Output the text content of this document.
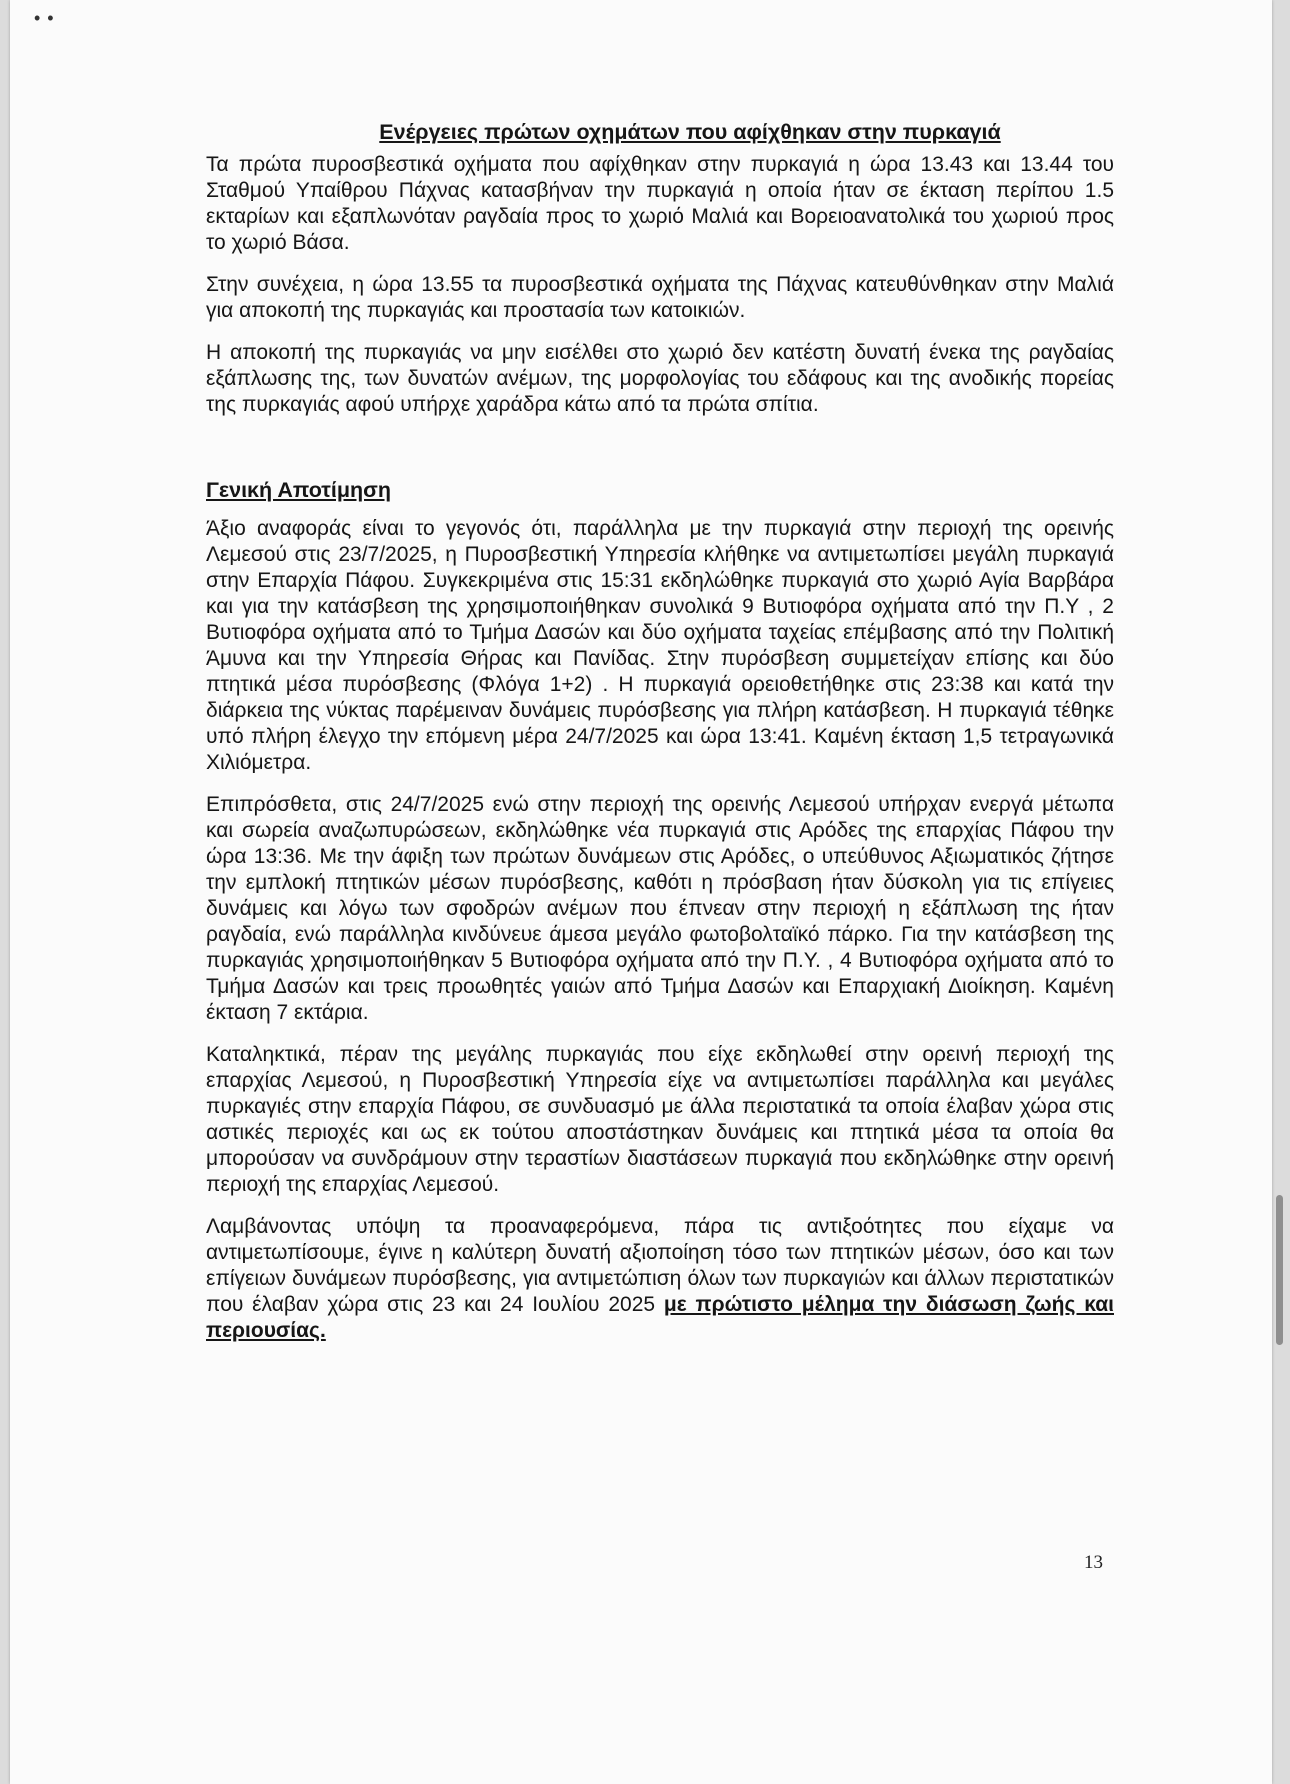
• •
Ενέργειες πρώτων οχημάτων που αφίχθηκαν στην πυρκαγιά

Τα πρώτα πυροσβεστικά οχήματα που αφίχθηκαν στην πυρκαγιά η ώρα 13.43 και 13.44 του Σταθμού Υπαίθρου Πάχνας κατασβήναν την πυρκαγιά η οποία ήταν σε έκταση περίπου 1.5 εκταρίων και εξαπλωνόταν ραγδαία προς το χωριό Μαλιά και Βορειοανατολικά του χωριού προς το χωριό Βάσα.

Στην συνέχεια, η ώρα 13.55 τα πυροσβεστικά οχήματα της Πάχνας κατευθύνθηκαν στην Μαλιά για αποκοπή της πυρκαγιάς και προστασία των κατοικιών.

Η αποκοπή της πυρκαγιάς να μην εισέλθει στο χωριό δεν κατέστη δυνατή ένεκα της ραγδαίας εξάπλωσης της, των δυνατών ανέμων, της μορφολογίας του εδάφους και της ανοδικής πορείας της πυρκαγιάς αφού υπήρχε χαράδρα κάτω από τα πρώτα σπίτια.

Γενική Αποτίμηση

Άξιο αναφοράς είναι το γεγονός ότι, παράλληλα με την πυρκαγιά στην περιοχή της ορεινής Λεμεσού στις 23/7/2025, η Πυροσβεστική Υπηρεσία κλήθηκε να αντιμετωπίσει μεγάλη πυρκαγιά στην Επαρχία Πάφου. Συγκεκριμένα στις 15:31 εκδηλώθηκε πυρκαγιά στο χωριό Αγία Βαρβάρα και για την κατάσβεση της χρησιμοποιήθηκαν συνολικά 9 Βυτιοφόρα οχήματα από την Π.Υ , 2 Βυτιοφόρα οχήματα από το Τμήμα Δασών και δύο οχήματα ταχείας επέμβασης από την Πολιτική Άμυνα και την Υπηρεσία Θήρας και Πανίδας. Στην πυρόσβεση συμμετείχαν επίσης και δύο πτητικά μέσα πυρόσβεσης (Φλόγα 1+2) . Η πυρκαγιά ορειοθετήθηκε στις 23:38 και κατά την διάρκεια της νύκτας παρέμειναν δυνάμεις πυρόσβεσης για πλήρη κατάσβεση. Η πυρκαγιά τέθηκε υπό πλήρη έλεγχο την επόμενη μέρα 24/7/2025 και ώρα 13:41. Καμένη έκταση 1,5 τετραγωνικά Χιλιόμετρα.

Επιπρόσθετα, στις 24/7/2025 ενώ στην περιοχή της ορεινής Λεμεσού υπήρχαν ενεργά μέτωπα και σωρεία αναζωπυρώσεων, εκδηλώθηκε νέα πυρκαγιά στις Αρόδες της επαρχίας Πάφου την ώρα 13:36. Με την άφιξη των πρώτων δυνάμεων στις Αρόδες, ο υπεύθυνος Αξιωματικός ζήτησε την εμπλοκή πτητικών μέσων πυρόσβεσης, καθότι η πρόσβαση ήταν δύσκολη για τις επίγειες δυνάμεις και λόγω των σφοδρών ανέμων που έπνεαν στην περιοχή η εξάπλωση της ήταν ραγδαία, ενώ παράλληλα κινδύνευε άμεσα μεγάλο φωτοβολταϊκό πάρκο. Για την κατάσβεση της πυρκαγιάς χρησιμοποιήθηκαν 5 Βυτιοφόρα οχήματα από την Π.Υ. , 4 Βυτιοφόρα οχήματα από το Τμήμα Δασών και τρεις προωθητές γαιών από Τμήμα Δασών και Επαρχιακή Διοίκηση. Καμένη έκταση 7 εκτάρια.

Καταληκτικά, πέραν της μεγάλης πυρκαγιάς που είχε εκδηλωθεί στην ορεινή περιοχή της επαρχίας Λεμεσού, η Πυροσβεστική Υπηρεσία είχε να αντιμετωπίσει παράλληλα και μεγάλες πυρκαγιές στην επαρχία Πάφου, σε συνδυασμό με άλλα περιστατικά τα οποία έλαβαν χώρα στις αστικές περιοχές και ως εκ τούτου αποστάστηκαν δυνάμεις και πτητικά μέσα τα οποία θα μπορούσαν να συνδράμουν στην τεραστίων διαστάσεων πυρκαγιά που εκδηλώθηκε στην ορεινή περιοχή της επαρχίας Λεμεσού.

Λαμβάνοντας υπόψη τα προαναφερόμενα, πάρα τις αντιξοότητες που είχαμε να αντιμετωπίσουμε, έγινε η καλύτερη δυνατή αξιοποίηση τόσο των πτητικών μέσων, όσο και των επίγειων δυνάμεων πυρόσβεσης, για αντιμετώπιση όλων των πυρκαγιών και άλλων περιστατικών που έλαβαν χώρα στις 23 και 24 Ιουλίου 2025 με πρώτιστο μέλημα την διάσωση ζωής και περιουσίας.

13
